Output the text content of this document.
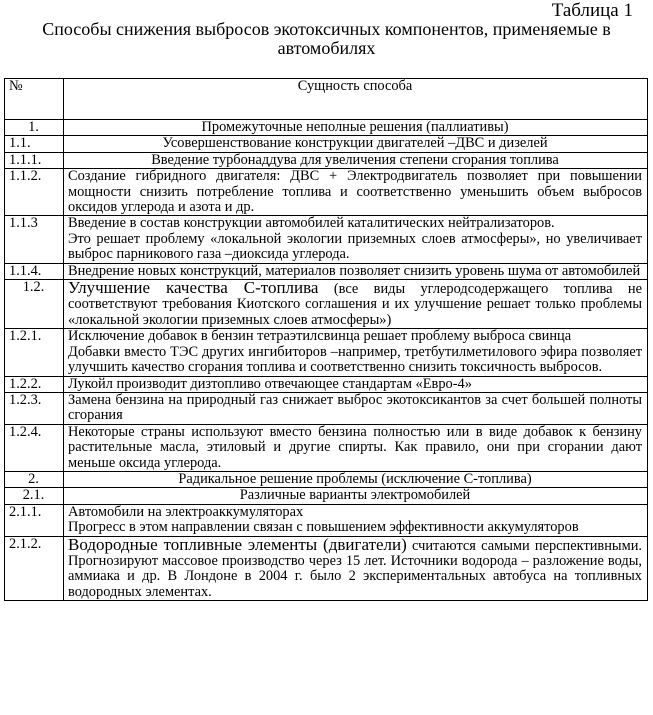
Таблица 1
Способы снижения выбросов экотоксичных компонентов, применяемые в
автомобилях
№	Сущность способа
1.	Промежуточные неполные решения (паллиативы)
1.1.	Усовершенствование конструкции двигателей –ДВС и дизелей
1.1.1.	Введение турбонаддува для увеличения степени сгорания топлива
1.1.2.	Создание гибридного двигателя: ДВС + Электродвигатель позволяет при повышении мощности снизить потребление топлива и соответственно уменьшить объем выбросов оксидов углерода и азота и др.
1.1.3	Введение в состав конструкции автомобилей каталитических нейтрализаторов.
Это решает проблему «локальной экологии приземных слоев атмосферы», но увеличивает выброс парникового газа –диоксида углерода.

1.1.4.	Внедрение новых конструкций, материалов позволяет снизить уровень шума от автомобилей
1.2.	Улучшение качества С-топлива (все виды углеродсодержащего топлива не соответствуют требования Киотского соглашения и их улучшение решает только проблемы «локальной экологии приземных слоев атмосферы»)
1.2.1.	Исключение добавок в бензин тетраэтилсвинца решает проблему выброса свинца
Добавки вместо ТЭС других ингибиторов –например, третбутилметилового эфира позволяет улучшить качество сгорания топлива и соответственно снизить токсичность выбросов.

1.2.2.	Лукойл производит дизтопливо отвечающее стандартам «Евро-4»
1.2.3.	Замена бензина на природный газ снижает выброс экотоксикантов за счет большей полноты сгорания
1.2.4.	Некоторые страны используют вместо бензина полностью или в виде добавок к бензину растительные масла, этиловый и другие спирты. Как правило, они при сгорании дают меньше оксида углерода.
2.	Радикальное решение проблемы (исключение С-топлива)
2.1.	Различные варианты электромобилей
2.1.1.	Автомобили на электроаккумуляторах
Прогресс в этом направлении связан с повышением эффективности аккумуляторов

2.1.2.	Водородные топливные элементы (двигатели) считаются самыми перспективными. Прогнозируют массовое производство через 15 лет. Источники водорода – разложение воды, аммиака и др. В Лондоне в 2004 г. было 2 экспериментальных автобуса на топливных водородных элементах.
